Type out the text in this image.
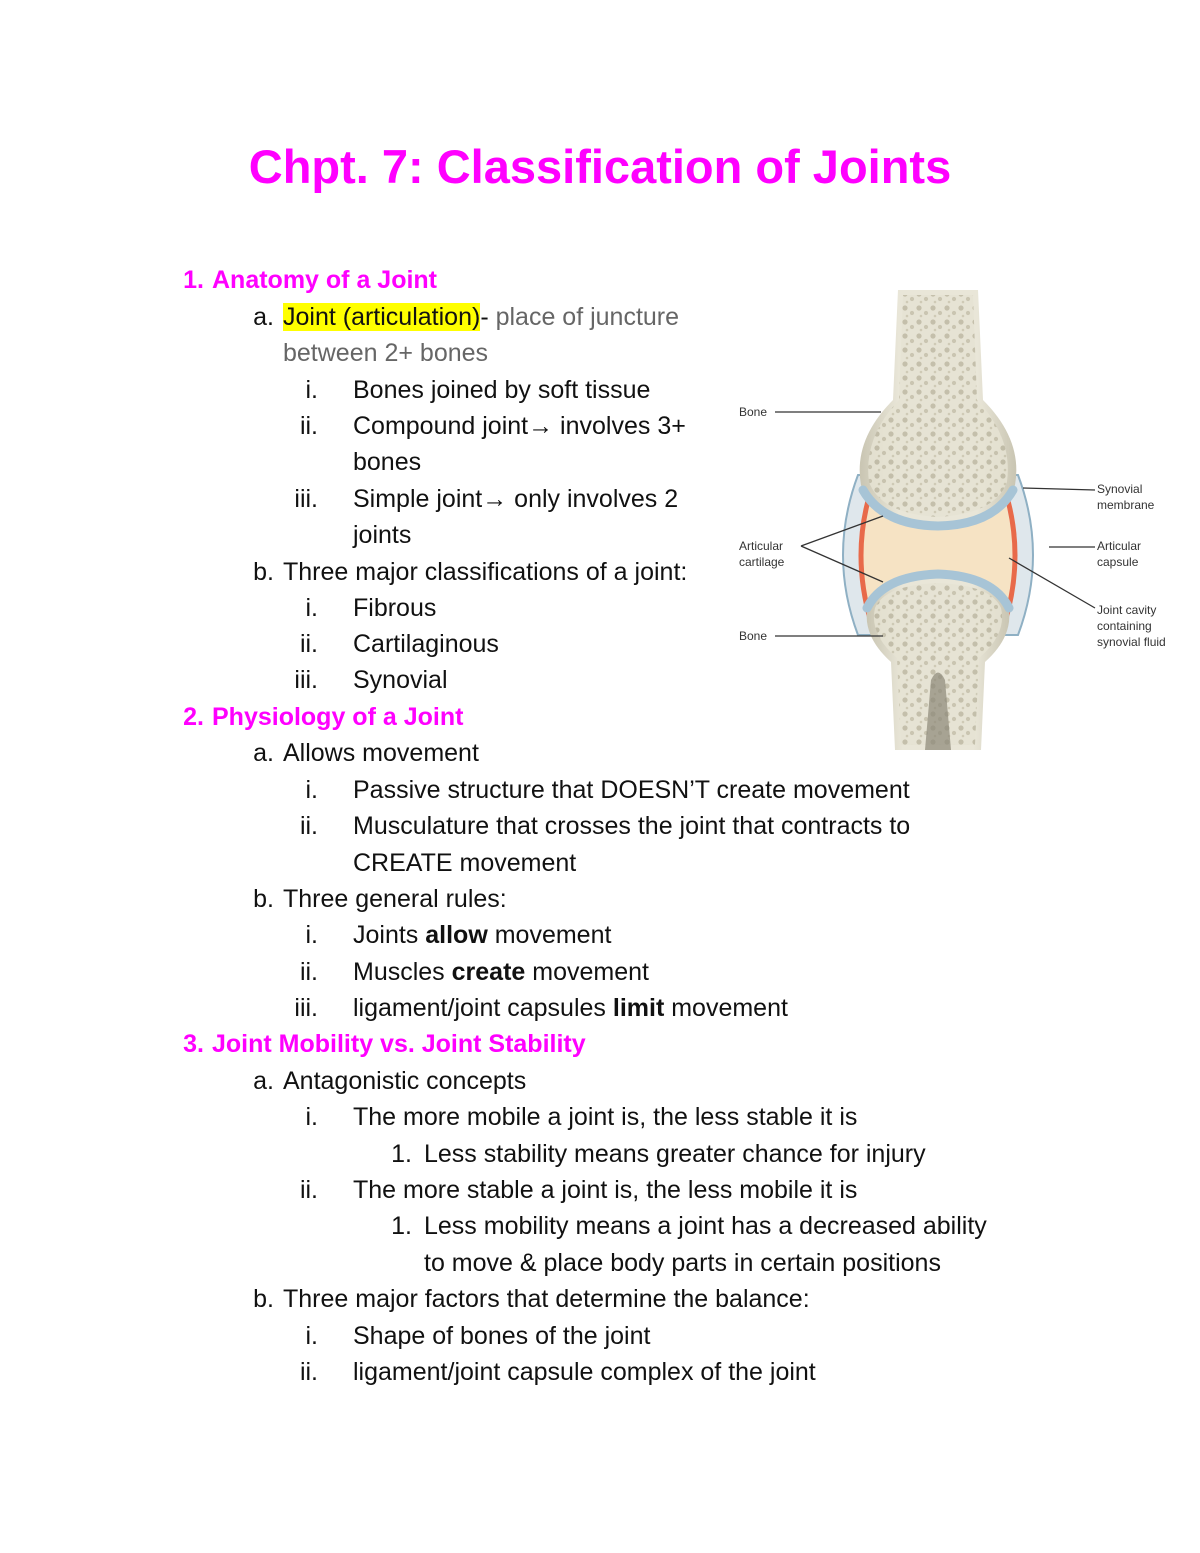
Chpt. 7: Classification of Joints
1. Anatomy of a Joint
a. Joint (articulation)- place of juncture
between 2+ bones
i. Bones joined by soft tissue
ii. Compound joint→ involves 3+
bones
iii. Simple joint→ only involves 2
joints
b. Three major classifications of a joint:
i. Fibrous
ii. Cartilaginous
iii. Synovial
2. Physiology of a Joint
a. Allows movement
i. Passive structure that DOESN’T create movement
ii. Musculature that crosses the joint that contracts to
CREATE movement
b. Three general rules:
i. Joints allow movement
ii. Muscles create movement
iii. ligament/joint capsules limit movement
3. Joint Mobility vs. Joint Stability
a. Antagonistic concepts
i. The more mobile a joint is, the less stable it is
1. Less stability means greater chance for injury
ii. The more stable a joint is, the less mobile it is
1. Less mobility means a joint has a decreased ability
to move & place body parts in certain positions
b. Three major factors that determine the balance:
i. Shape of bones of the joint
ii. ligament/joint capsule complex of the joint
Bone
Articular
cartilage
Bone
Synovial
membrane
Articular
capsule
Joint cavity
containing
synovial fluid
